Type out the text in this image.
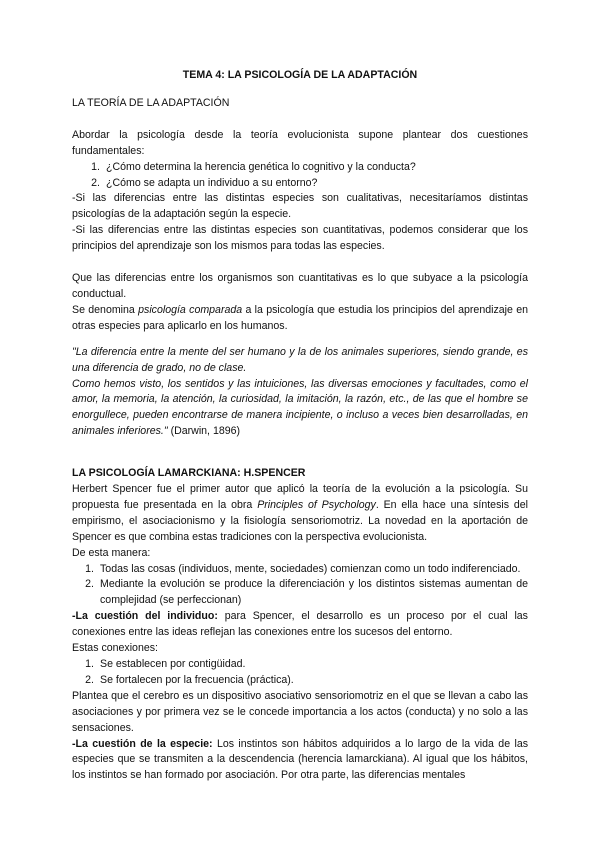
TEMA 4: LA PSICOLOGÍA DE LA ADAPTACIÓN

LA TEORÍA DE LA ADAPTACIÓN

Abordar la psicología desde la teoría evolucionista supone plantear dos cuestiones fundamentales:

1. ¿Cómo determina la herencia genética lo cognitivo y la conducta?
2. ¿Cómo se adapta un individuo a su entorno?

-Si las diferencias entre las distintas especies son cualitativas, necesitaríamos distintas psicologías de la adaptación según la especie.

-Si las diferencias entre las distintas especies son cuantitativas, podemos considerar que los principios del aprendizaje son los mismos para todas las especies.

Que las diferencias entre los organismos son cuantitativas es lo que subyace a la psicología conductual.

Se denomina psicología comparada a la psicología que estudia los principios del aprendizaje en otras especies para aplicarlo en los humanos.

"La diferencia entre la mente del ser humano y la de los animales superiores, siendo grande, es una diferencia de grado, no de clase.

Como hemos visto, los sentidos y las intuiciones, las diversas emociones y facultades, como el amor, la memoria, la atención, la curiosidad, la imitación, la razón, etc., de las que el hombre se enorgullece, pueden encontrarse de manera incipiente, o incluso a veces bien desarrolladas, en animales inferiores." (Darwin, 1896)

LA PSICOLOGÍA LAMARCKIANA: H.SPENCER

Herbert Spencer fue el primer autor que aplicó la teoría de la evolución a la psicología. Su propuesta fue presentada en la obra Principles of Psychology. En ella hace una síntesis del empirismo, el asociacionismo y la fisiología sensoriomotriz. La novedad en la aportación de Spencer es que combina estas tradiciones con la perspectiva evolucionista.

De esta manera:

1. Todas las cosas (individuos, mente, sociedades) comienzan como un todo indiferenciado.
2. Mediante la evolución se produce la diferenciación y los distintos sistemas aumentan de complejidad (se perfeccionan)

-La cuestión del individuo: para Spencer, el desarrollo es un proceso por el cual las conexiones entre las ideas reflejan las conexiones entre los sucesos del entorno.

Estas conexiones:

1. Se establecen por contigüidad.
2. Se fortalecen por la frecuencia (práctica).

Plantea que el cerebro es un dispositivo asociativo sensoriomotriz en el que se llevan a cabo las asociaciones y por primera vez se le concede importancia a los actos (conducta) y no solo a las sensaciones.

-La cuestión de la especie: Los instintos son hábitos adquiridos a lo largo de la vida de las especies que se transmiten a la descendencia (herencia lamarckiana). Al igual que los hábitos, los instintos se han formado por asociación. Por otra parte, las diferencias mentales
